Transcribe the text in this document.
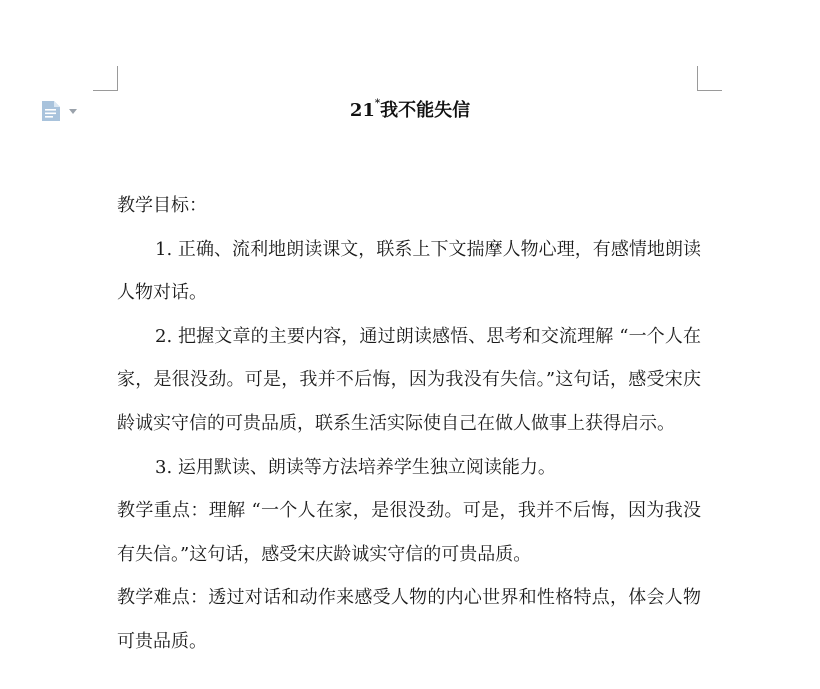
21*我不能失信

教学目标：

1. 正确、流利地朗读课文，联系上下文揣摩人物心理，有感情地朗读人物对话。

2. 把握文章的主要内容，通过朗读感悟、思考和交流理解 “一个人在家，是很没劲。可是，我并不后悔，因为我没有失信。”这句话，感受宋庆龄诚实守信的可贵品质，联系生活实际使自己在做人做事上获得启示。

3. 运用默读、朗读等方法培养学生独立阅读能力。

教学重点：理解 “一个人在家，是很没劲。可是，我并不后悔，因为我没有失信。”这句话，感受宋庆龄诚实守信的可贵品质。

教学难点：透过对话和动作来感受人物的内心世界和性格特点，体会人物可贵品质。
